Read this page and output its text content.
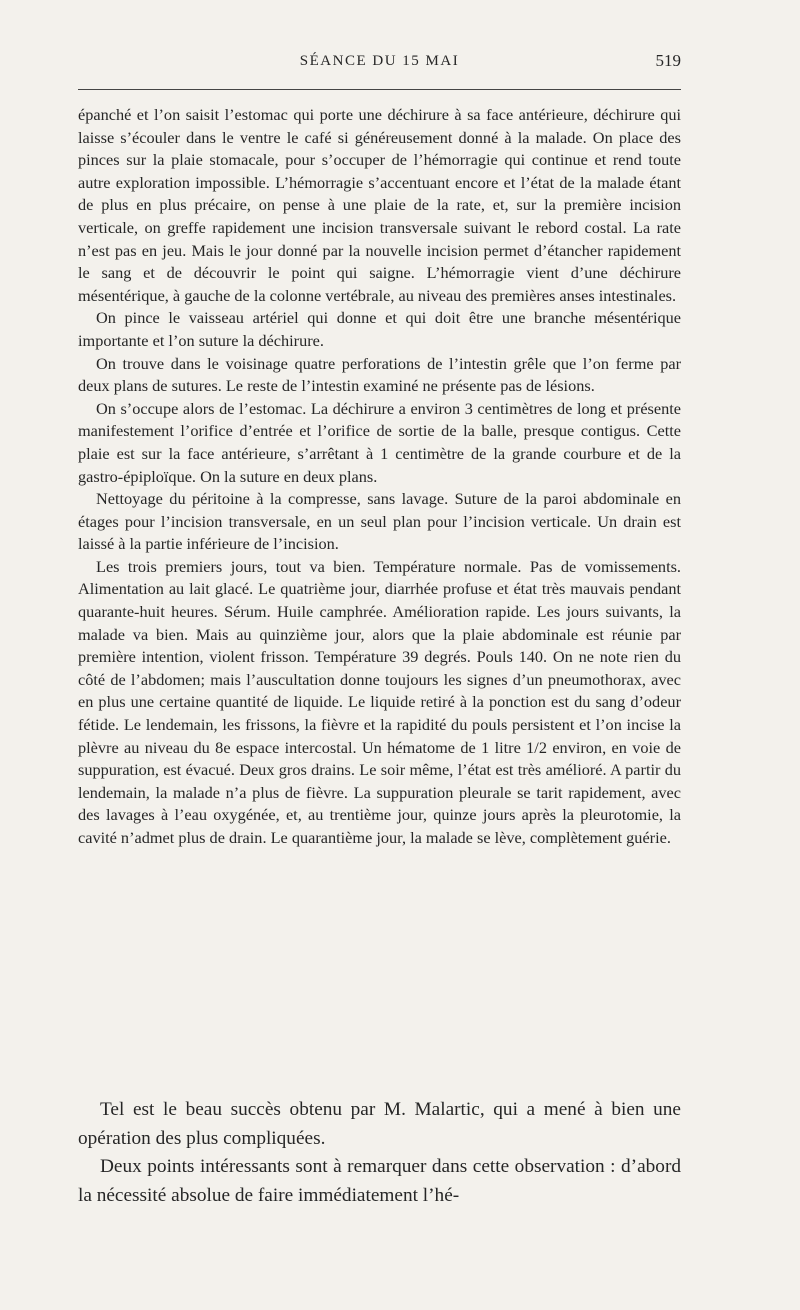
SÉANCE DU 15 MAI	519

épanché et l’on saisit l’estomac qui porte une déchirure à sa face antérieure, déchirure qui laisse s’écouler dans le ventre le café si généreusement donné à la malade. On place des pinces sur la plaie stomacale, pour s’occuper de l’hémorragie qui continue et rend toute autre exploration impossible. L’hémorragie s’accentuant encore et l’état de la malade étant de plus en plus précaire, on pense à une plaie de la rate, et, sur la première incision verticale, on greffe rapidement une incision transversale suivant le rebord costal. La rate n’est pas en jeu. Mais le jour donné par la nouvelle incision permet d’étancher rapidement le sang et de découvrir le point qui saigne. L’hémorragie vient d’une déchirure mésentérique, à gauche de la colonne vertébrale, au niveau des premières anses intestinales.

On pince le vaisseau artériel qui donne et qui doit être une branche mésentérique importante et l’on suture la déchirure.

On trouve dans le voisinage quatre perforations de l’intestin grêle que l’on ferme par deux plans de sutures. Le reste de l’intestin examiné ne présente pas de lésions.

On s’occupe alors de l’estomac. La déchirure a environ 3 centimètres de long et présente manifestement l’orifice d’entrée et l’orifice de sortie de la balle, presque contigus. Cette plaie est sur la face antérieure, s’arrêtant à 1 centimètre de la grande courbure et de la gastro-épiploïque. On la suture en deux plans.

Nettoyage du péritoine à la compresse, sans lavage. Suture de la paroi abdominale en étages pour l’incision transversale, en un seul plan pour l’incision verticale. Un drain est laissé à la partie inférieure de l’incision.

Les trois premiers jours, tout va bien. Température normale. Pas de vomissements. Alimentation au lait glacé. Le quatrième jour, diarrhée profuse et état très mauvais pendant quarante-huit heures. Sérum. Huile camphrée. Amélioration rapide. Les jours suivants, la malade va bien. Mais au quinzième jour, alors que la plaie abdominale est réunie par première intention, violent frisson. Température 39 degrés. Pouls 140. On ne note rien du côté de l’abdomen; mais l’auscultation donne toujours les signes d’un pneumothorax, avec en plus une certaine quantité de liquide. Le liquide retiré à la ponction est du sang d’odeur fétide. Le lendemain, les frissons, la fièvre et la rapidité du pouls persistent et l’on incise la plèvre au niveau du 8e espace intercostal. Un hématome de 1 litre 1/2 environ, en voie de suppuration, est évacué. Deux gros drains. Le soir même, l’état est très amélioré. A partir du lendemain, la malade n’a plus de fièvre. La suppuration pleurale se tarit rapidement, avec des lavages à l’eau oxygénée, et, au trentième jour, quinze jours après la pleurotomie, la cavité n’admet plus de drain. Le quarantième jour, la malade se lève, complètement guérie.

Tel est le beau succès obtenu par M. Malartic, qui a mené à bien une opération des plus compliquées.

Deux points intéressants sont à remarquer dans cette observation : d’abord la nécessité absolue de faire immédiatement l’hé-
